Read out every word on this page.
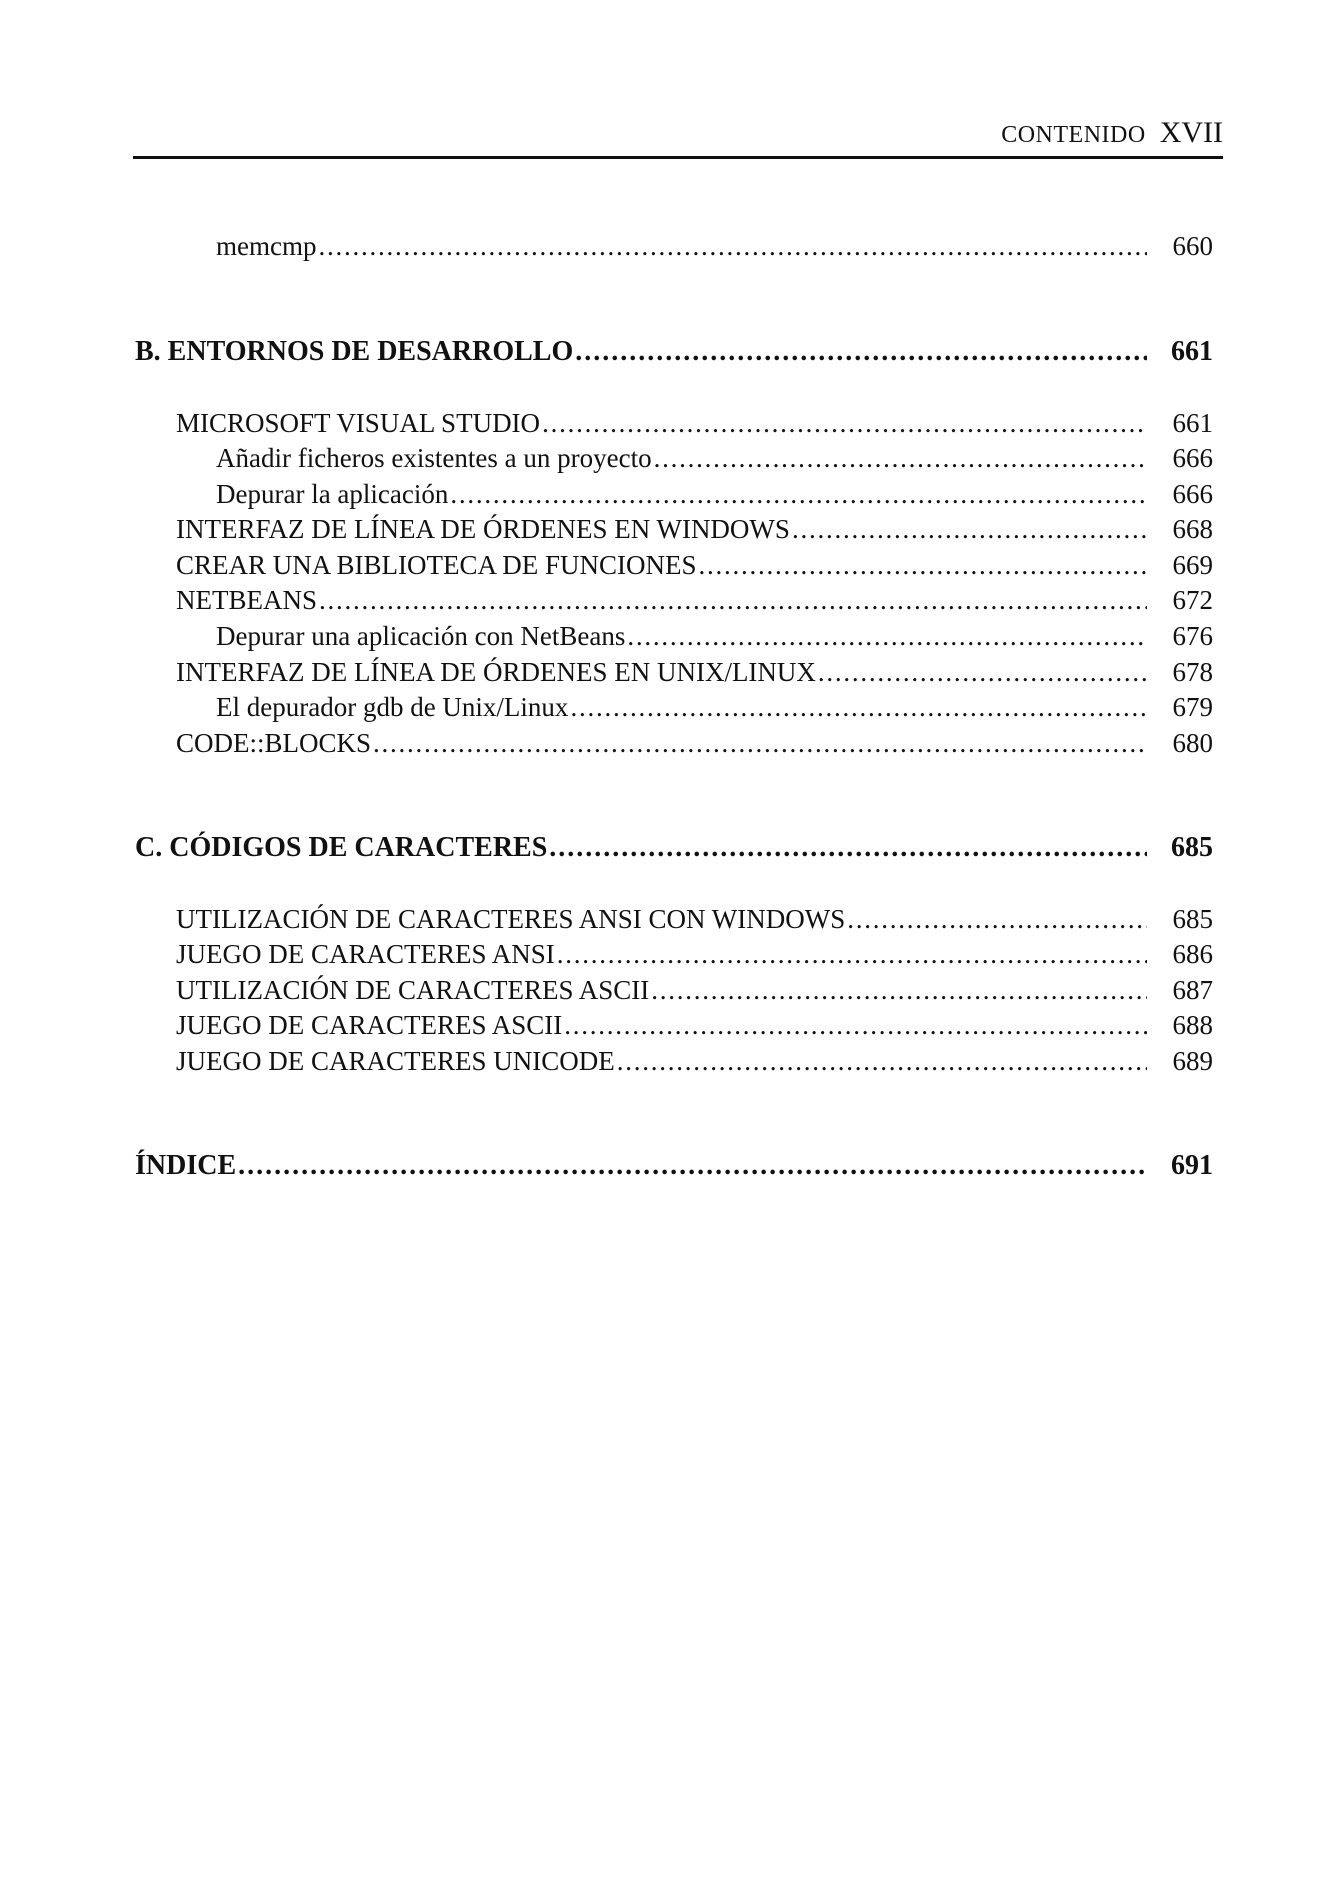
CONTENIDO XVII
memcmp . . .	660
B. ENTORNOS DE DESARROLLO . . .	661
MICROSOFT VISUAL STUDIO . . .	661
Añadir ficheros existentes a un proyecto . . .	666
Depurar la aplicación . . .	666
INTERFAZ DE LÍNEA DE ÓRDENES EN WINDOWS . . .	668
CREAR UNA BIBLIOTECA DE FUNCIONES . . .	669
NETBEANS . . .	672
Depurar una aplicación con NetBeans . . .	676
INTERFAZ DE LÍNEA DE ÓRDENES EN UNIX/LINUX . . .	678
El depurador gdb de Unix/Linux . . .	679
CODE::BLOCKS . . .	680
C. CÓDIGOS DE CARACTERES . . .	685
UTILIZACIÓN DE CARACTERES ANSI CON WINDOWS . . .	685
JUEGO DE CARACTERES ANSI . . .	686
UTILIZACIÓN DE CARACTERES ASCII . . .	687
JUEGO DE CARACTERES ASCII . . .	688
JUEGO DE CARACTERES UNICODE . . .	689
ÍNDICE . . .	691
